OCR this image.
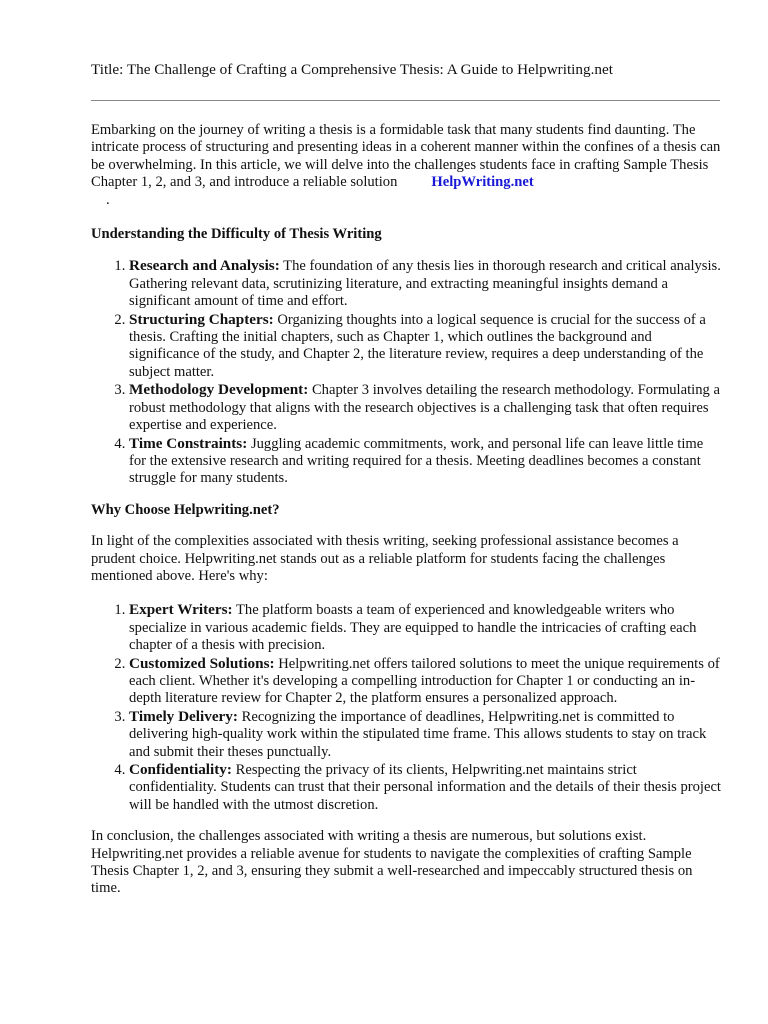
Title: The Challenge of Crafting a Comprehensive Thesis: A Guide to Helpwriting.net

Embarking on the journey of writing a thesis is a formidable task that many students find daunting. The intricate process of structuring and presenting ideas in a coherent manner within the confines of a thesis can be overwhelming. In this article, we will delve into the challenges students face in crafting Sample Thesis Chapter 1, 2, and 3, and introduce a reliable solution HelpWriting.net
.

Understanding the Difficulty of Thesis Writing
1. Research and Analysis: The foundation of any thesis lies in thorough research and critical analysis. Gathering relevant data, scrutinizing literature, and extracting meaningful insights demand a significant amount of time and effort.
2. Structuring Chapters: Organizing thoughts into a logical sequence is crucial for the success of a thesis. Crafting the initial chapters, such as Chapter 1, which outlines the background and significance of the study, and Chapter 2, the literature review, requires a deep understanding of the subject matter.
3. Methodology Development: Chapter 3 involves detailing the research methodology. Formulating a robust methodology that aligns with the research objectives is a challenging task that often requires expertise and experience.
4. Time Constraints: Juggling academic commitments, work, and personal life can leave little time for the extensive research and writing required for a thesis. Meeting deadlines becomes a constant struggle for many students.
Why Choose Helpwriting.net?

In light of the complexities associated with thesis writing, seeking professional assistance becomes a prudent choice. Helpwriting.net stands out as a reliable platform for students facing the challenges mentioned above. Here's why:

1. Expert Writers: The platform boasts a team of experienced and knowledgeable writers who specialize in various academic fields. They are equipped to handle the intricacies of crafting each chapter of a thesis with precision.
2. Customized Solutions: Helpwriting.net offers tailored solutions to meet the unique requirements of each client. Whether it's developing a compelling introduction for Chapter 1 or conducting an in-depth literature review for Chapter 2, the platform ensures a personalized approach.
3. Timely Delivery: Recognizing the importance of deadlines, Helpwriting.net is committed to delivering high-quality work within the stipulated time frame. This allows students to stay on track and submit their theses punctually.
4. Confidentiality: Respecting the privacy of its clients, Helpwriting.net maintains strict confidentiality. Students can trust that their personal information and the details of their thesis project will be handled with the utmost discretion.

In conclusion, the challenges associated with writing a thesis are numerous, but solutions exist. Helpwriting.net provides a reliable avenue for students to navigate the complexities of crafting Sample Thesis Chapter 1, 2, and 3, ensuring they submit a well-researched and impeccably structured thesis on time.
